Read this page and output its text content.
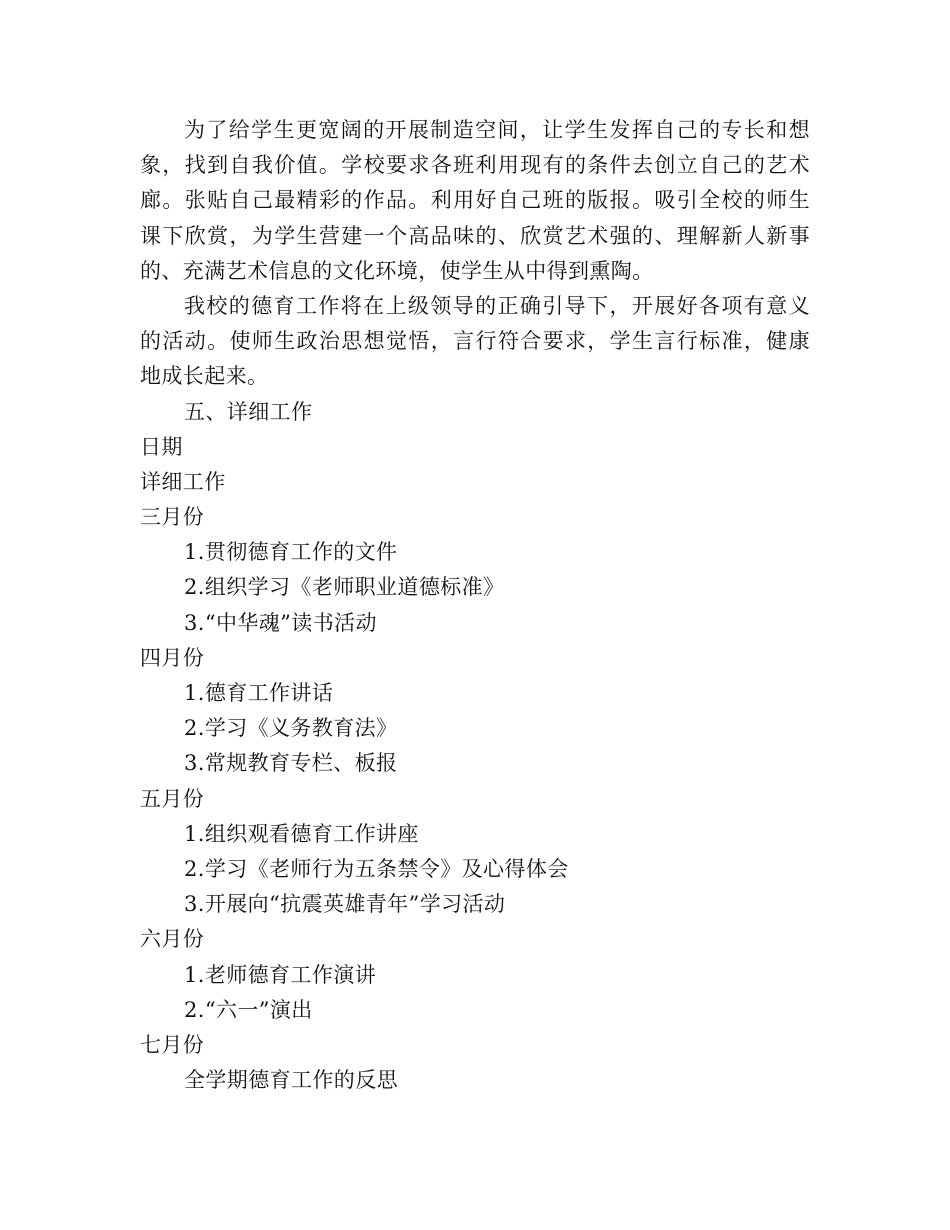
为了给学生更宽阔的开展制造空间，让学生发挥自己的专长和想
象，找到自我价值。学校要求各班利用现有的条件去创立自己的艺术
廊。张贴自己最精彩的作品。利用好自己班的版报。吸引全校的师生
课下欣赏，为学生营建一个高品味的、欣赏艺术强的、理解新人新事
的、充满艺术信息的文化环境，使学生从中得到熏陶。
我校的德育工作将在上级领导的正确引导下，开展好各项有意义
的活动。使师生政治思想觉悟，言行符合要求，学生言行标准，健康
地成长起来。
五、详细工作
日期
详细工作
三月份
1.贯彻德育工作的文件
2.组织学习《老师职业道德标准》
3.“中华魂”读书活动
四月份
1.德育工作讲话
2.学习《义务教育法》
3.常规教育专栏、板报
五月份
1.组织观看德育工作讲座
2.学习《老师行为五条禁令》及心得体会
3.开展向“抗震英雄青年”学习活动
六月份
1.老师德育工作演讲
2.“六一”演出
七月份
全学期德育工作的反思
